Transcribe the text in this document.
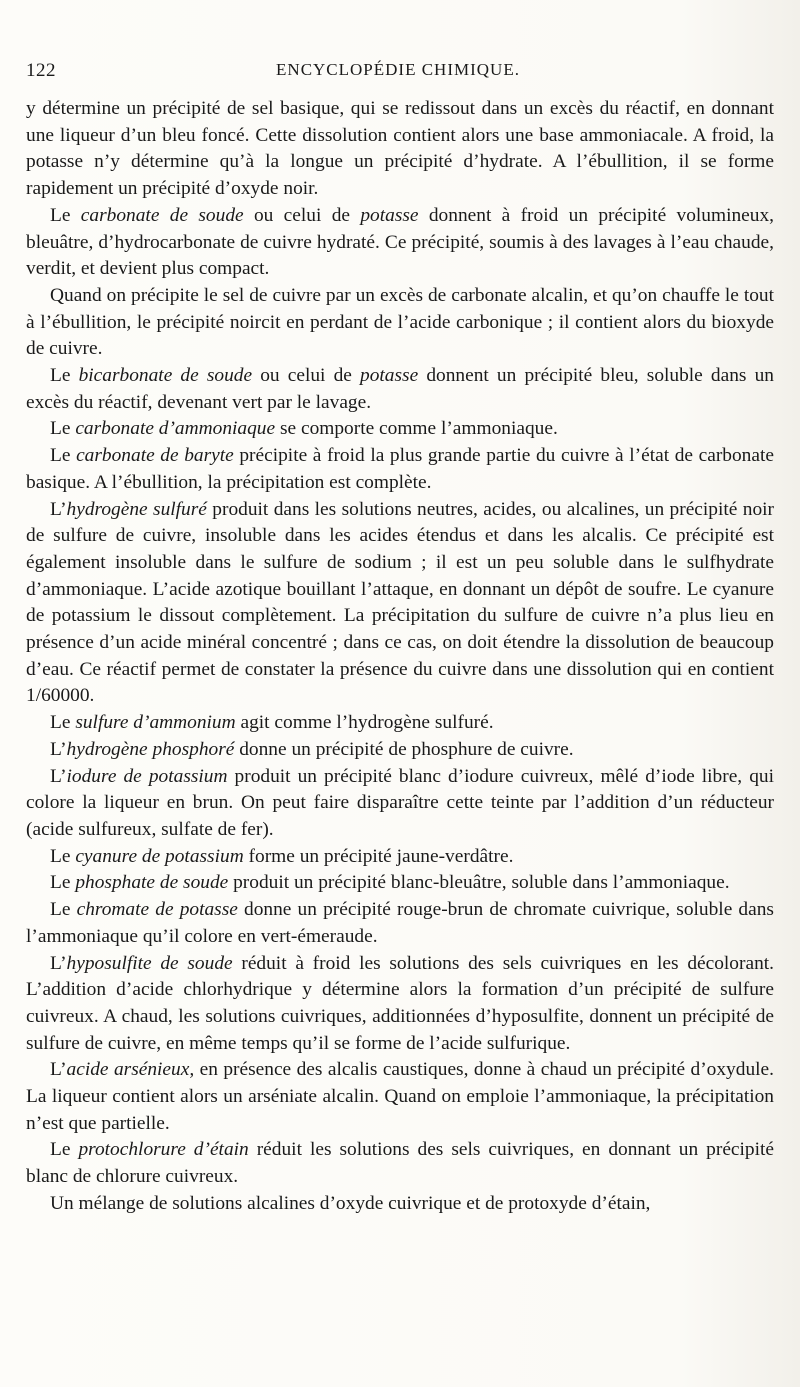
122	ENCYCLOPÉDIE CHIMIQUE.

y détermine un précipité de sel basique, qui se redissout dans un excès du réactif, en donnant une liqueur d’un bleu foncé. Cette dissolution contient alors une base ammoniacale. A froid, la potasse n’y détermine qu’à la longue un précipité d’hydrate. A l’ébullition, il se forme rapidement un précipité d’oxyde noir.

Le carbonate de soude ou celui de potasse donnent à froid un précipité volumineux, bleuâtre, d’hydrocarbonate de cuivre hydraté. Ce précipité, soumis à des lavages à l’eau chaude, verdit, et devient plus compact.

Quand on précipite le sel de cuivre par un excès de carbonate alcalin, et qu’on chauffe le tout à l’ébullition, le précipité noircit en perdant de l’acide carbonique ; il contient alors du bioxyde de cuivre.

Le bicarbonate de soude ou celui de potasse donnent un précipité bleu, soluble dans un excès du réactif, devenant vert par le lavage.

Le carbonate d’ammoniaque se comporte comme l’ammoniaque.

Le carbonate de baryte précipite à froid la plus grande partie du cuivre à l’état de carbonate basique. A l’ébullition, la précipitation est complète.

L’hydrogène sulfuré produit dans les solutions neutres, acides, ou alcalines, un précipité noir de sulfure de cuivre, insoluble dans les acides étendus et dans les alcalis. Ce précipité est également insoluble dans le sulfure de sodium ; il est un peu soluble dans le sulfhydrate d’ammoniaque. L’acide azotique bouillant l’attaque, en donnant un dépôt de soufre. Le cyanure de potassium le dissout complètement. La précipitation du sulfure de cuivre n’a plus lieu en présence d’un acide minéral concentré ; dans ce cas, on doit étendre la dissolution de beaucoup d’eau. Ce réactif permet de constater la présence du cuivre dans une dissolution qui en contient 1/60000.

Le sulfure d’ammonium agit comme l’hydrogène sulfuré.

L’hydrogène phosphoré donne un précipité de phosphure de cuivre.

L’iodure de potassium produit un précipité blanc d’iodure cuivreux, mêlé d’iode libre, qui colore la liqueur en brun. On peut faire disparaître cette teinte par l’addition d’un réducteur (acide sulfureux, sulfate de fer).

Le cyanure de potassium forme un précipité jaune-verdâtre.

Le phosphate de soude produit un précipité blanc-bleuâtre, soluble dans l’ammoniaque.

Le chromate de potasse donne un précipité rouge-brun de chromate cuivrique, soluble dans l’ammoniaque qu’il colore en vert-émeraude.

L’hyposulfite de soude réduit à froid les solutions des sels cuivriques en les décolorant. L’addition d’acide chlorhydrique y détermine alors la formation d’un précipité de sulfure cuivreux. A chaud, les solutions cuivriques, additionnées d’hyposulfite, donnent un précipité de sulfure de cuivre, en même temps qu’il se forme de l’acide sulfurique.

L’acide arsénieux, en présence des alcalis caustiques, donne à chaud un précipité d’oxydule. La liqueur contient alors un arséniate alcalin. Quand on emploie l’ammoniaque, la précipitation n’est que partielle.

Le protochlorure d’étain réduit les solutions des sels cuivriques, en donnant un précipité blanc de chlorure cuivreux.

Un mélange de solutions alcalines d’oxyde cuivrique et de protoxyde d’étain,
